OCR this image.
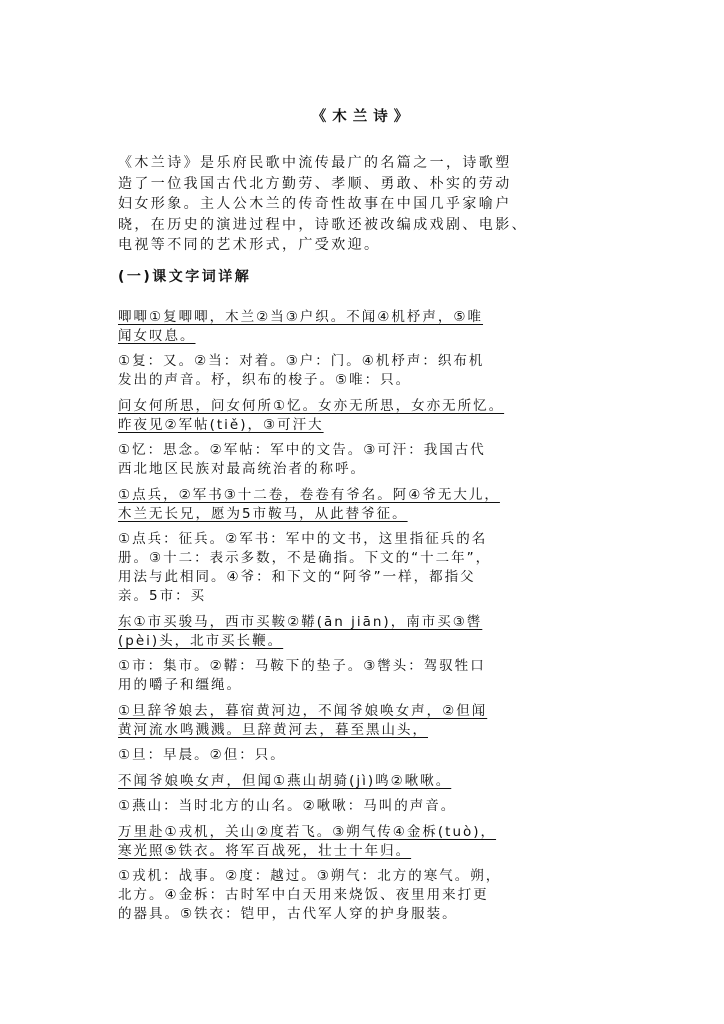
《木兰诗》
《木兰诗》是乐府民歌中流传最广的名篇之一，诗歌塑
造了一位我国古代北方勤劳、孝顺、勇敢、朴实的劳动
妇女形象。主人公木兰的传奇性故事在中国几乎家喻户
晓，在历史的演进过程中，诗歌还被改编成戏剧、电影、
电视等不同的艺术形式，广受欢迎。
(一)课文字词详解
唧唧①复唧唧，木兰②当③户织。不闻④机杼声，⑤唯
闻女叹息。
①复：又。②当：对着。③户：门。④机杼声：织布机
发出的声音。杼，织布的梭子。⑤唯：只。
问女何所思，问女何所①忆。女亦无所思，女亦无所忆。
昨夜见②军帖(tiě)，③可汗大
①忆：思念。②军帖：军中的文告。③可汗：我国古代
西北地区民族对最高统治者的称呼。
①点兵，②军书③十二卷，卷卷有爷名。阿④爷无大儿，
木兰无长兄，愿为5市鞍马，从此替爷征。
①点兵：征兵。②军书：军中的文书，这里指征兵的名
册。③十二：表示多数，不是确指。下文的“十二年”，
用法与此相同。④爷：和下文的“阿爷”一样，都指父
亲。5市：买
东①市买骏马，西市买鞍②鞯(ān jiān)，南市买③辔
(pèi)头，北市买长鞭。
①市：集市。②鞯：马鞍下的垫子。③辔头：驾驭牲口
用的嚼子和缰绳。
①旦辞爷娘去，暮宿黄河边，不闻爷娘唤女声，②但闻
黄河流水鸣溅溅。旦辞黄河去，暮至黑山头，
①旦：早晨。②但：只。
不闻爷娘唤女声，但闻①燕山胡骑(jì)鸣②啾啾。
①燕山：当时北方的山名。②啾啾：马叫的声音。
万里赴①戎机，关山②度若飞。③朔气传④金柝(tuò)，
寒光照⑤铁衣。将军百战死，壮士十年归。
①戎机：战事。②度：越过。③朔气：北方的寒气。朔，
北方。④金柝：古时军中白天用来烧饭、夜里用来打更
的器具。⑤铁衣：铠甲，古代军人穿的护身服装。
